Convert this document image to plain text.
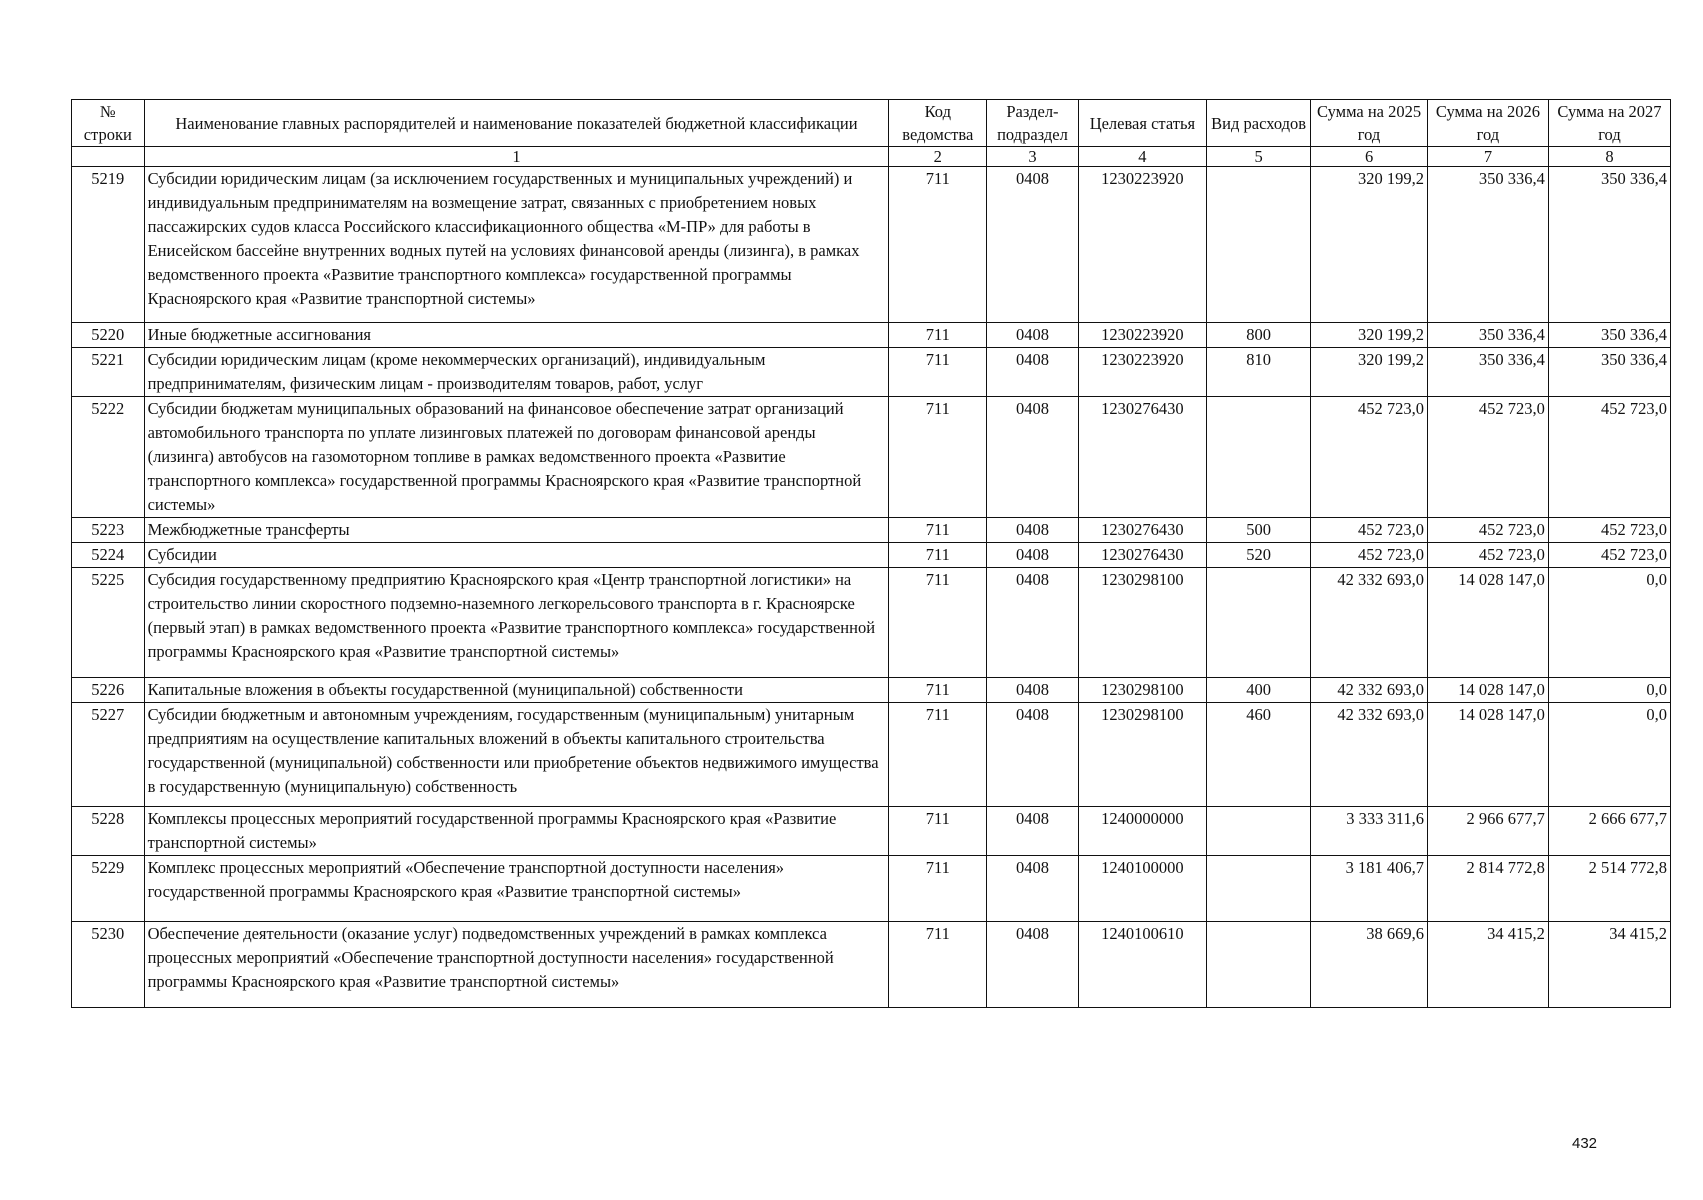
№ строки	Наименование главных распорядителей и наименование показателей бюджетной классификации	Код ведомства	Раздел-подраздел	Целевая статья	Вид расходов	Сумма на 2025 год	Сумма на 2026 год	Сумма на 2027 год
	1	2	3	4	5	6	7	8
5219	Субсидии юридическим лицам (за исключением государственных и муниципальных учреждений) и индивидуальным предпринимателям на возмещение затрат, связанных с приобретением новых пассажирских судов класса Российского классификационного общества «М-ПР» для работы в Енисейском бассейне внутренних водных путей на условиях финансовой аренды (лизинга), в рамках ведомственного проекта «Развитие транспортного комплекса» государственной программы Красноярского края «Развитие транспортной системы»	711	0408	1230223920		320 199,2	350 336,4	350 336,4
5220	Иные бюджетные ассигнования	711	0408	1230223920	800	320 199,2	350 336,4	350 336,4
5221	Субсидии юридическим лицам (кроме некоммерческих организаций), индивидуальным предпринимателям, физическим лицам - производителям товаров, работ, услуг	711	0408	1230223920	810	320 199,2	350 336,4	350 336,4
5222	Субсидии бюджетам муниципальных образований на финансовое обеспечение затрат организаций автомобильного транспорта по уплате лизинговых платежей по договорам финансовой аренды (лизинга) автобусов на газомоторном топливе в рамках ведомственного проекта «Развитие транспортного комплекса» государственной программы Красноярского края «Развитие транспортной системы»	711	0408	1230276430		452 723,0	452 723,0	452 723,0
5223	Межбюджетные трансферты	711	0408	1230276430	500	452 723,0	452 723,0	452 723,0
5224	Субсидии	711	0408	1230276430	520	452 723,0	452 723,0	452 723,0
5225	Субсидия государственному предприятию Красноярского края «Центр транспортной логистики» на строительство линии скоростного подземно-наземного легкорельсового транспорта в г. Красноярске (первый этап) в рамках ведомственного проекта «Развитие транспортного комплекса» государственной программы Красноярского края «Развитие транспортной системы»	711	0408	1230298100		42 332 693,0	14 028 147,0	0,0
5226	Капитальные вложения в объекты государственной (муниципальной) собственности	711	0408	1230298100	400	42 332 693,0	14 028 147,0	0,0
5227	Субсидии бюджетным и автономным учреждениям, государственным (муниципальным) унитарным предприятиям на осуществление капитальных вложений в объекты капитального строительства государственной (муниципальной) собственности или приобретение объектов недвижимого имущества в государственную (муниципальную) собственность	711	0408	1230298100	460	42 332 693,0	14 028 147,0	0,0
5228	Комплексы процессных мероприятий государственной программы Красноярского края «Развитие транспортной системы»	711	0408	1240000000		3 333 311,6	2 966 677,7	2 666 677,7
5229	Комплекс процессных мероприятий «Обеспечение транспортной доступности населения» государственной программы Красноярского края «Развитие транспортной системы»	711	0408	1240100000		3 181 406,7	2 814 772,8	2 514 772,8
5230	Обеспечение деятельности (оказание услуг) подведомственных учреждений в рамках комплекса процессных мероприятий «Обеспечение транспортной доступности населения» государственной программы Красноярского края «Развитие транспортной системы»	711	0408	1240100610		38 669,6	34 415,2	34 415,2
432
